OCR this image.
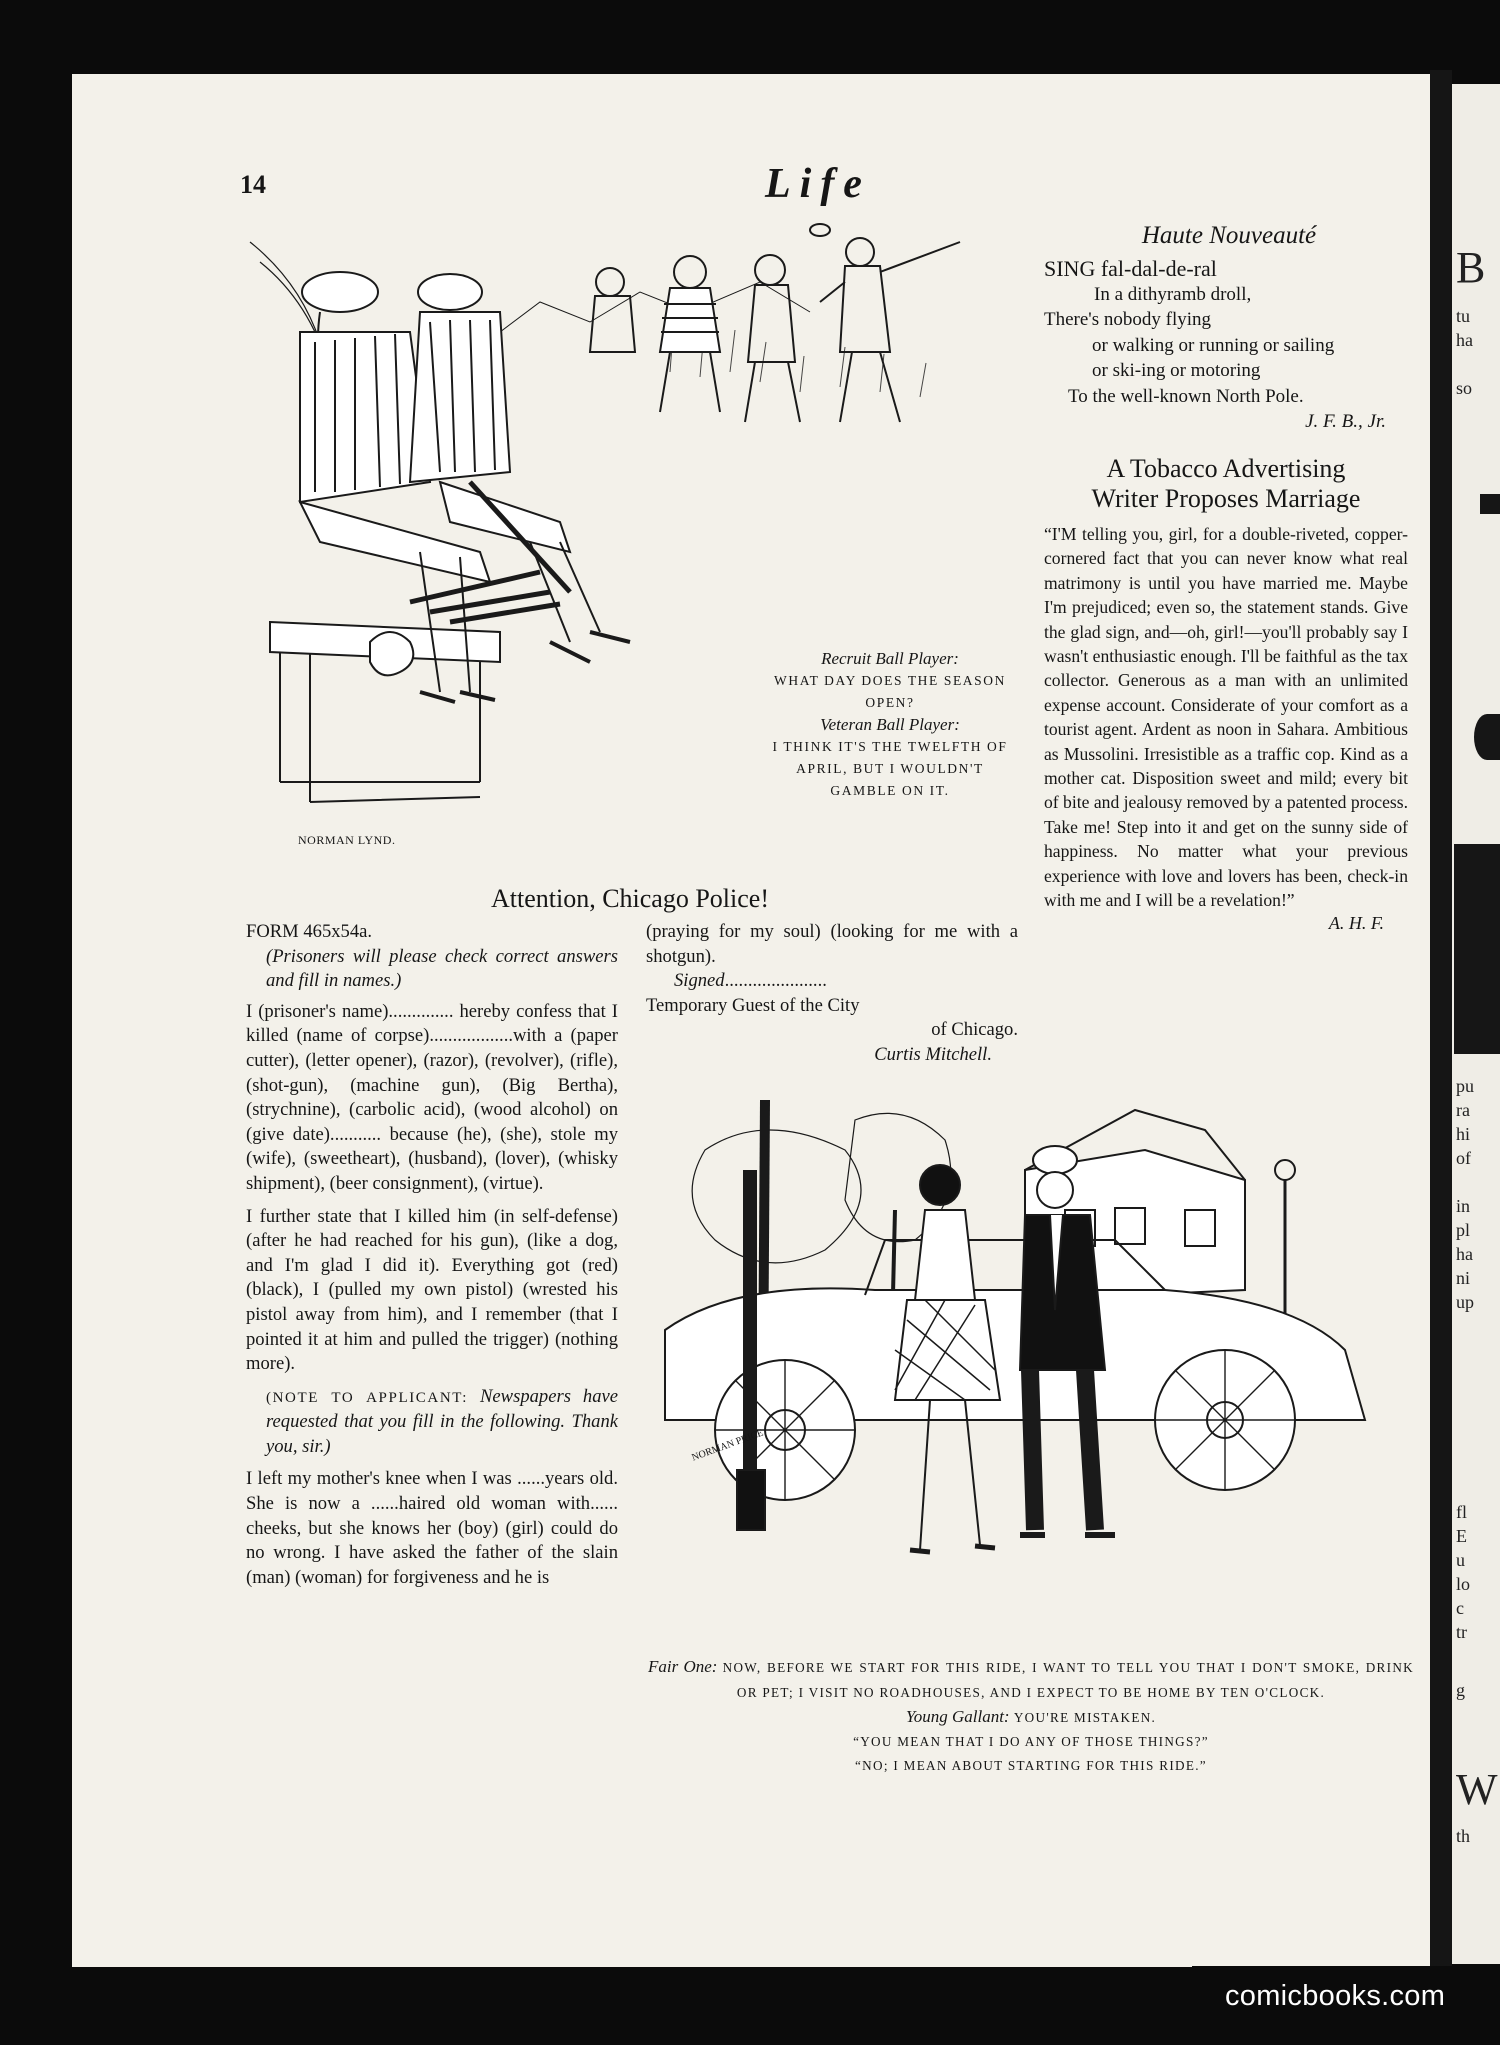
B
tu
ha
so
pu
ra
hi
of
in
pl
ha
ni
up
fl
E
u
lo
c
tr
g
W
th
14	Life
NORMAN LYND.
Recruit Ball Player:
WHAT DAY DOES THE SEASON OPEN?
Veteran Ball Player:
I THINK IT'S THE TWELFTH OF APRIL, BUT I WOULDN'T GAMBLE ON IT.
Haute Nouveauté
SING fal-dal-de-ral
In a dithyramb droll,
There's nobody flying
or walking or running or sailing
or ski-ing or motoring
To the well-known North Pole.
J. F. B., Jr.
A Tobacco Advertising
Writer Proposes Marriage
“I'M telling you, girl, for a double-riveted, copper-cornered fact that you can never know what real matrimony is until you have married me. Maybe I'm prejudiced; even so, the statement stands. Give the glad sign, and—oh, girl!—you'll probably say I wasn't enthusiastic enough. I'll be faithful as the tax collector. Generous as a man with an unlimited expense account. Considerate of your comfort as a tourist agent. Ardent as noon in Sahara. Ambitious as Mussolini. Irresistible as a traffic cop. Kind as a mother cat. Disposition sweet and mild; every bit of bite and jealousy removed by a patented process. Take me! Step into it and get on the sunny side of happiness. No matter what your previous experience with love and lovers has been, check-in with me and I will be a revelation!”
A. H. F.
Attention, Chicago Police!

FORM 465x54a.

(Prisoners will please check correct answers and fill in names.)

I (prisoner's name).............. hereby confess that I killed (name of corpse)..................with a (paper cutter), (letter opener), (razor), (revolver), (rifle), (shot-gun), (machine gun), (Big Bertha), (strychnine), (carbolic acid), (wood alcohol) on (give date)........... because (he), (she), stole my (wife), (sweetheart), (husband), (lover), (whisky shipment), (beer consignment), (virtue).

I further state that I killed him (in self-defense) (after he had reached for his gun), (like a dog, and I'm glad I did it). Everything got (red) (black), I (pulled my own pistol) (wrested his pistol away from him), and I remember (that I pointed it at him and pulled the trigger) (nothing more).

(NOTE TO APPLICANT: Newspapers have requested that you fill in the following. Thank you, sir.)

I left my mother's knee when I was ......years old. She is now a ......haired old woman with...... cheeks, but she knows her (boy) (girl) could do no wrong. I have asked the father of the slain (man) (woman) for forgiveness and he is

(praying for my soul) (looking for me with a shotgun).

Signed......................

Temporary Guest of the City

of Chicago.

Curtis Mitchell.

NORMAN PRICE
Fair One: NOW, BEFORE WE START FOR THIS RIDE, I WANT TO TELL YOU THAT I DON'T SMOKE, DRINK OR PET; I VISIT NO ROADHOUSES, AND I EXPECT TO BE HOME BY TEN O'CLOCK.
Young Gallant: YOU'RE MISTAKEN.
“YOU MEAN THAT I DO ANY OF THOSE THINGS?”
“NO; I MEAN ABOUT STARTING FOR THIS RIDE.”
comicbooks.com
